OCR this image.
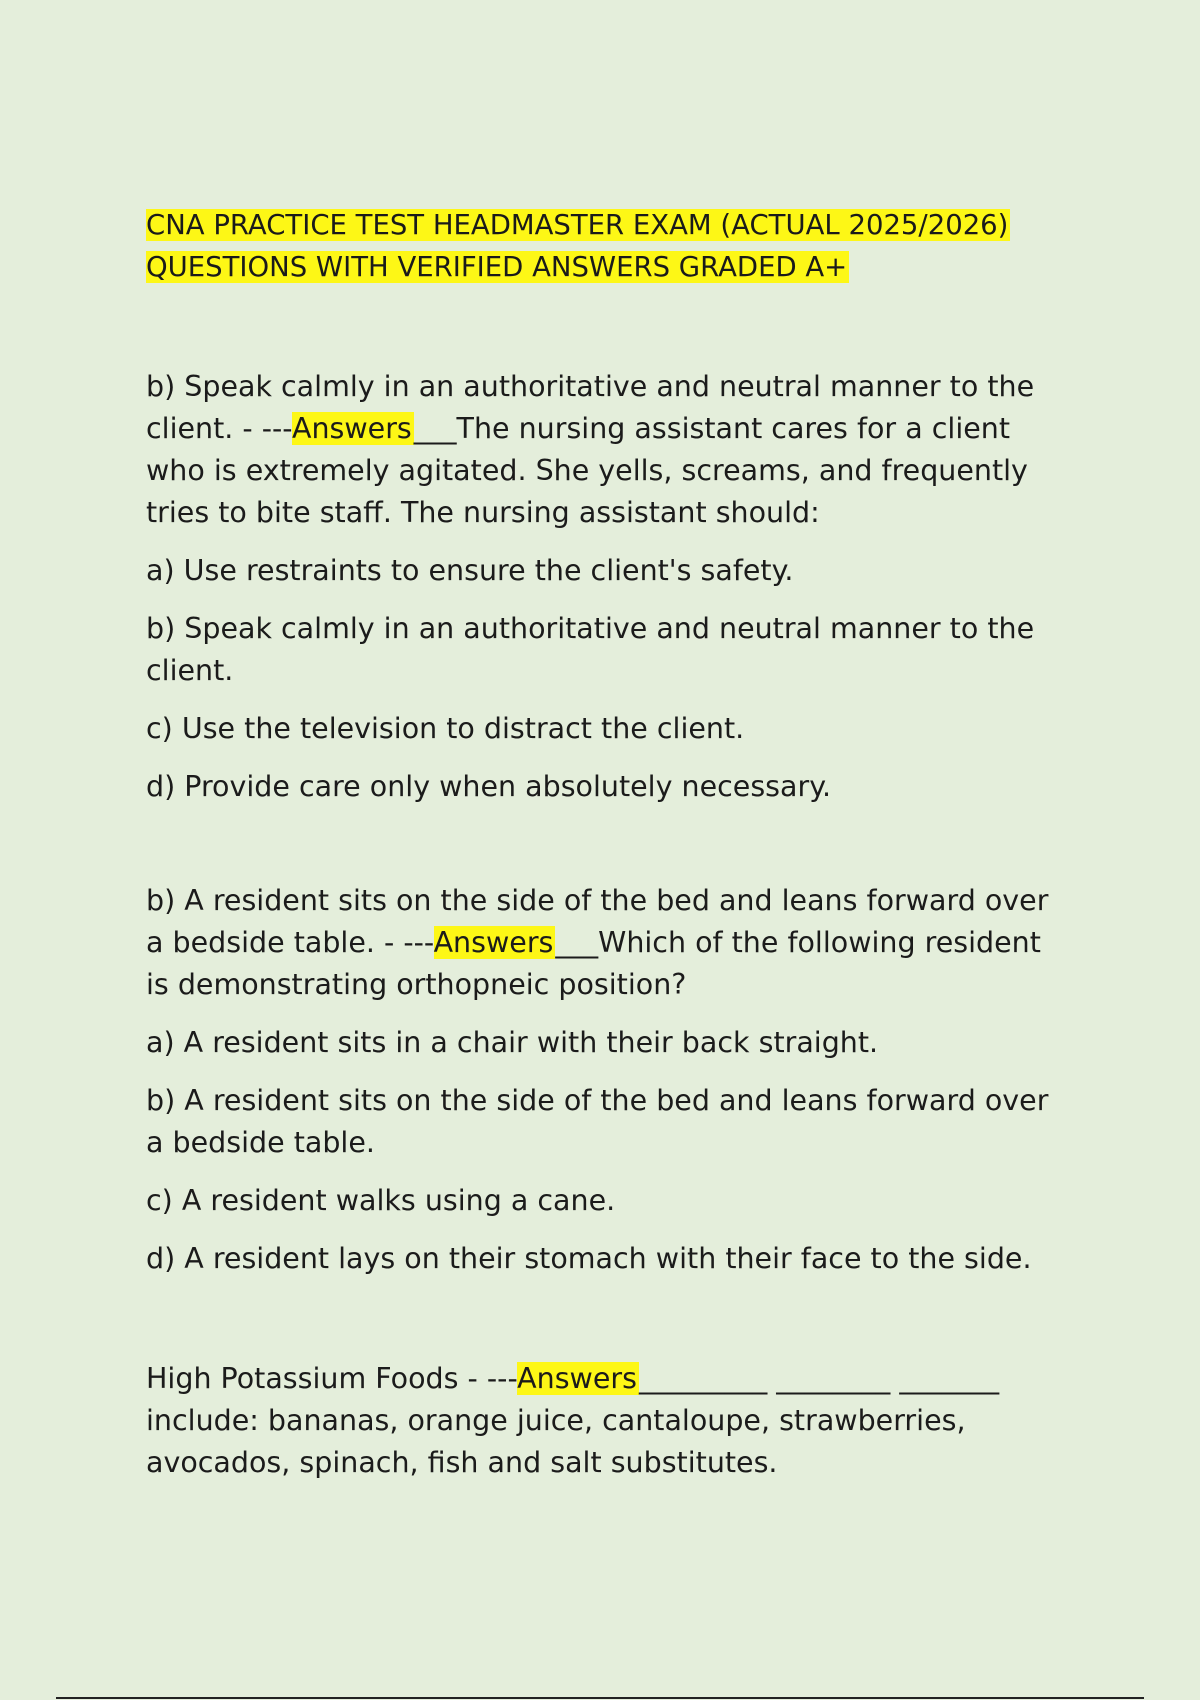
CNA PRACTICE TEST HEADMASTER EXAM (ACTUAL 2025/2026)
QUESTIONS WITH VERIFIED ANSWERS GRADED A+

b) Speak calmly in an authoritative and neutral manner to the client. - ---Answers___The nursing assistant cares for a client who is extremely agitated. She yells, screams, and frequently tries to bite staff. The nursing assistant should:

a) Use restraints to ensure the client's safety.

b) Speak calmly in an authoritative and neutral manner to the client.

c) Use the television to distract the client.

d) Provide care only when absolutely necessary.

b) A resident sits on the side of the bed and leans forward over a bedside table. - ---Answers___Which of the following resident is demonstrating orthopneic position?

a) A resident sits in a chair with their back straight.

b) A resident sits on the side of the bed and leans forward over a bedside table.

c) A resident walks using a cane.

d) A resident lays on their stomach with their face to the side.

High Potassium Foods - ---Answers_________ ________ _______ include: bananas, orange juice, cantaloupe, strawberries, avocados, spinach, fish and salt substitutes.
